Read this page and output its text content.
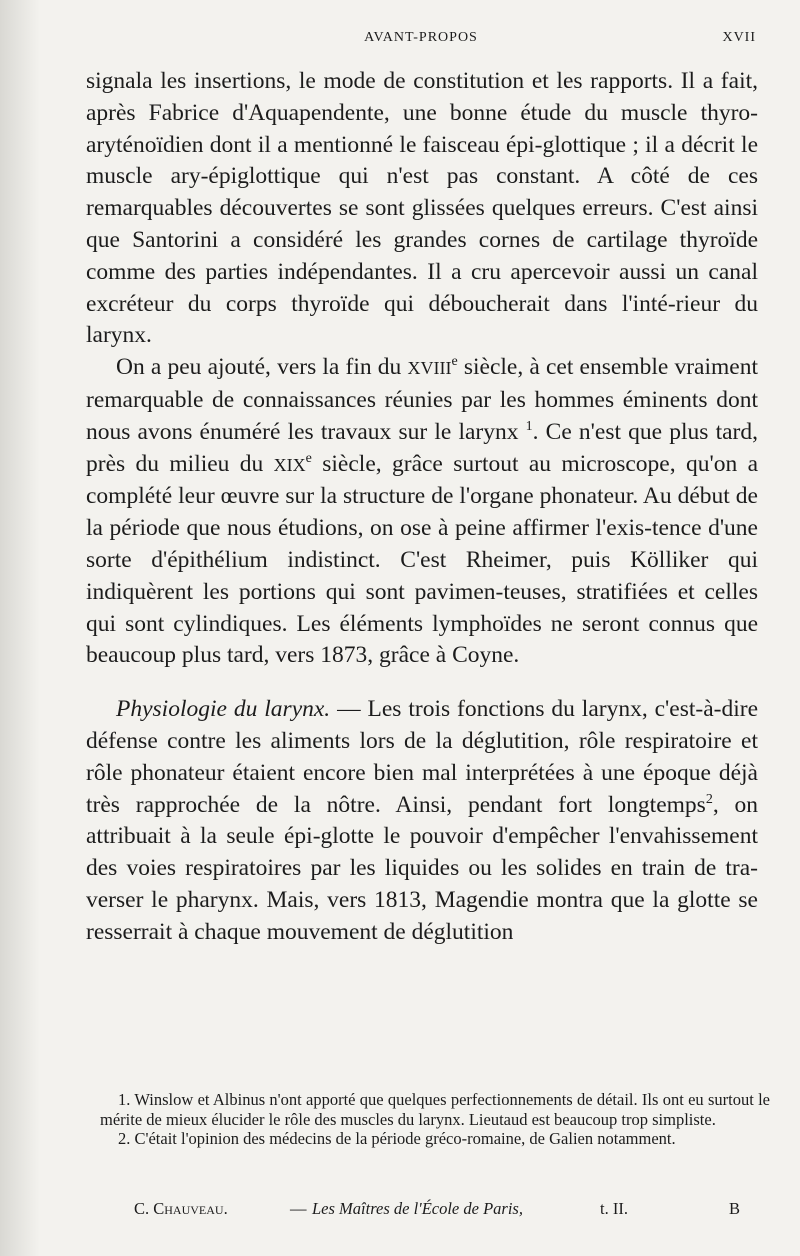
AVANT-PROPOS	XVII

signala les insertions, le mode de constitution et les rapports. Il a fait, après Fabrice d'Aquapendente, une bonne étude du muscle thyro-aryténoïdien dont il a mentionné le faisceau épi-glottique ; il a décrit le muscle ary-épiglottique qui n'est pas constant. A côté de ces remarquables découvertes se sont glissées quelques erreurs. C'est ainsi que Santorini a considéré les grandes cornes de cartilage thyroïde comme des parties indépendantes. Il a cru apercevoir aussi un canal excréteur du corps thyroïde qui déboucherait dans l'inté-rieur du larynx.

On a peu ajouté, vers la fin du XVIIIe siècle, à cet ensemble vraiment remarquable de connaissances réunies par les hommes éminents dont nous avons énuméré les travaux sur le larynx $^1$. Ce n'est que plus tard, près du milieu du XIXe siècle, grâce surtout au microscope, qu'on a complété leur œuvre sur la structure de l'organe phonateur. Au début de la période que nous étudions, on ose à peine affirmer l'exis-tence d'une sorte d'épithélium indistinct. C'est Rheimer, puis Kölliker qui indiquèrent les portions qui sont pavimen-teuses, stratifiées et celles qui sont cylindiques. Les éléments lymphoïdes ne seront connus que beaucoup plus tard, vers 1873, grâce à Coyne.

Physiologie du larynx. — Les trois fonctions du larynx, c'est-à-dire défense contre les aliments lors de la déglutition, rôle respiratoire et rôle phonateur étaient encore bien mal interprétées à une époque déjà très rapprochée de la nôtre. Ainsi, pendant fort longtemps$^2$, on attribuait à la seule épi-glotte le pouvoir d'empêcher l'envahissement des voies respiratoires par les liquides ou les solides en train de tra-verser le pharynx. Mais, vers 1813, Magendie montra que la glotte se resserrait à chaque mouvement de déglutition

1. Winslow et Albinus n'ont apporté que quelques perfectionnements de détail. Ils ont eu surtout le mérite de mieux élucider le rôle des muscles du larynx. Lieutaud est beaucoup trop simpliste.

2. C'était l'opinion des médecins de la période gréco-romaine, de Galien notamment.

C. Chauveau.	— Les Maîtres de l'École de Paris,	t. II.	B
